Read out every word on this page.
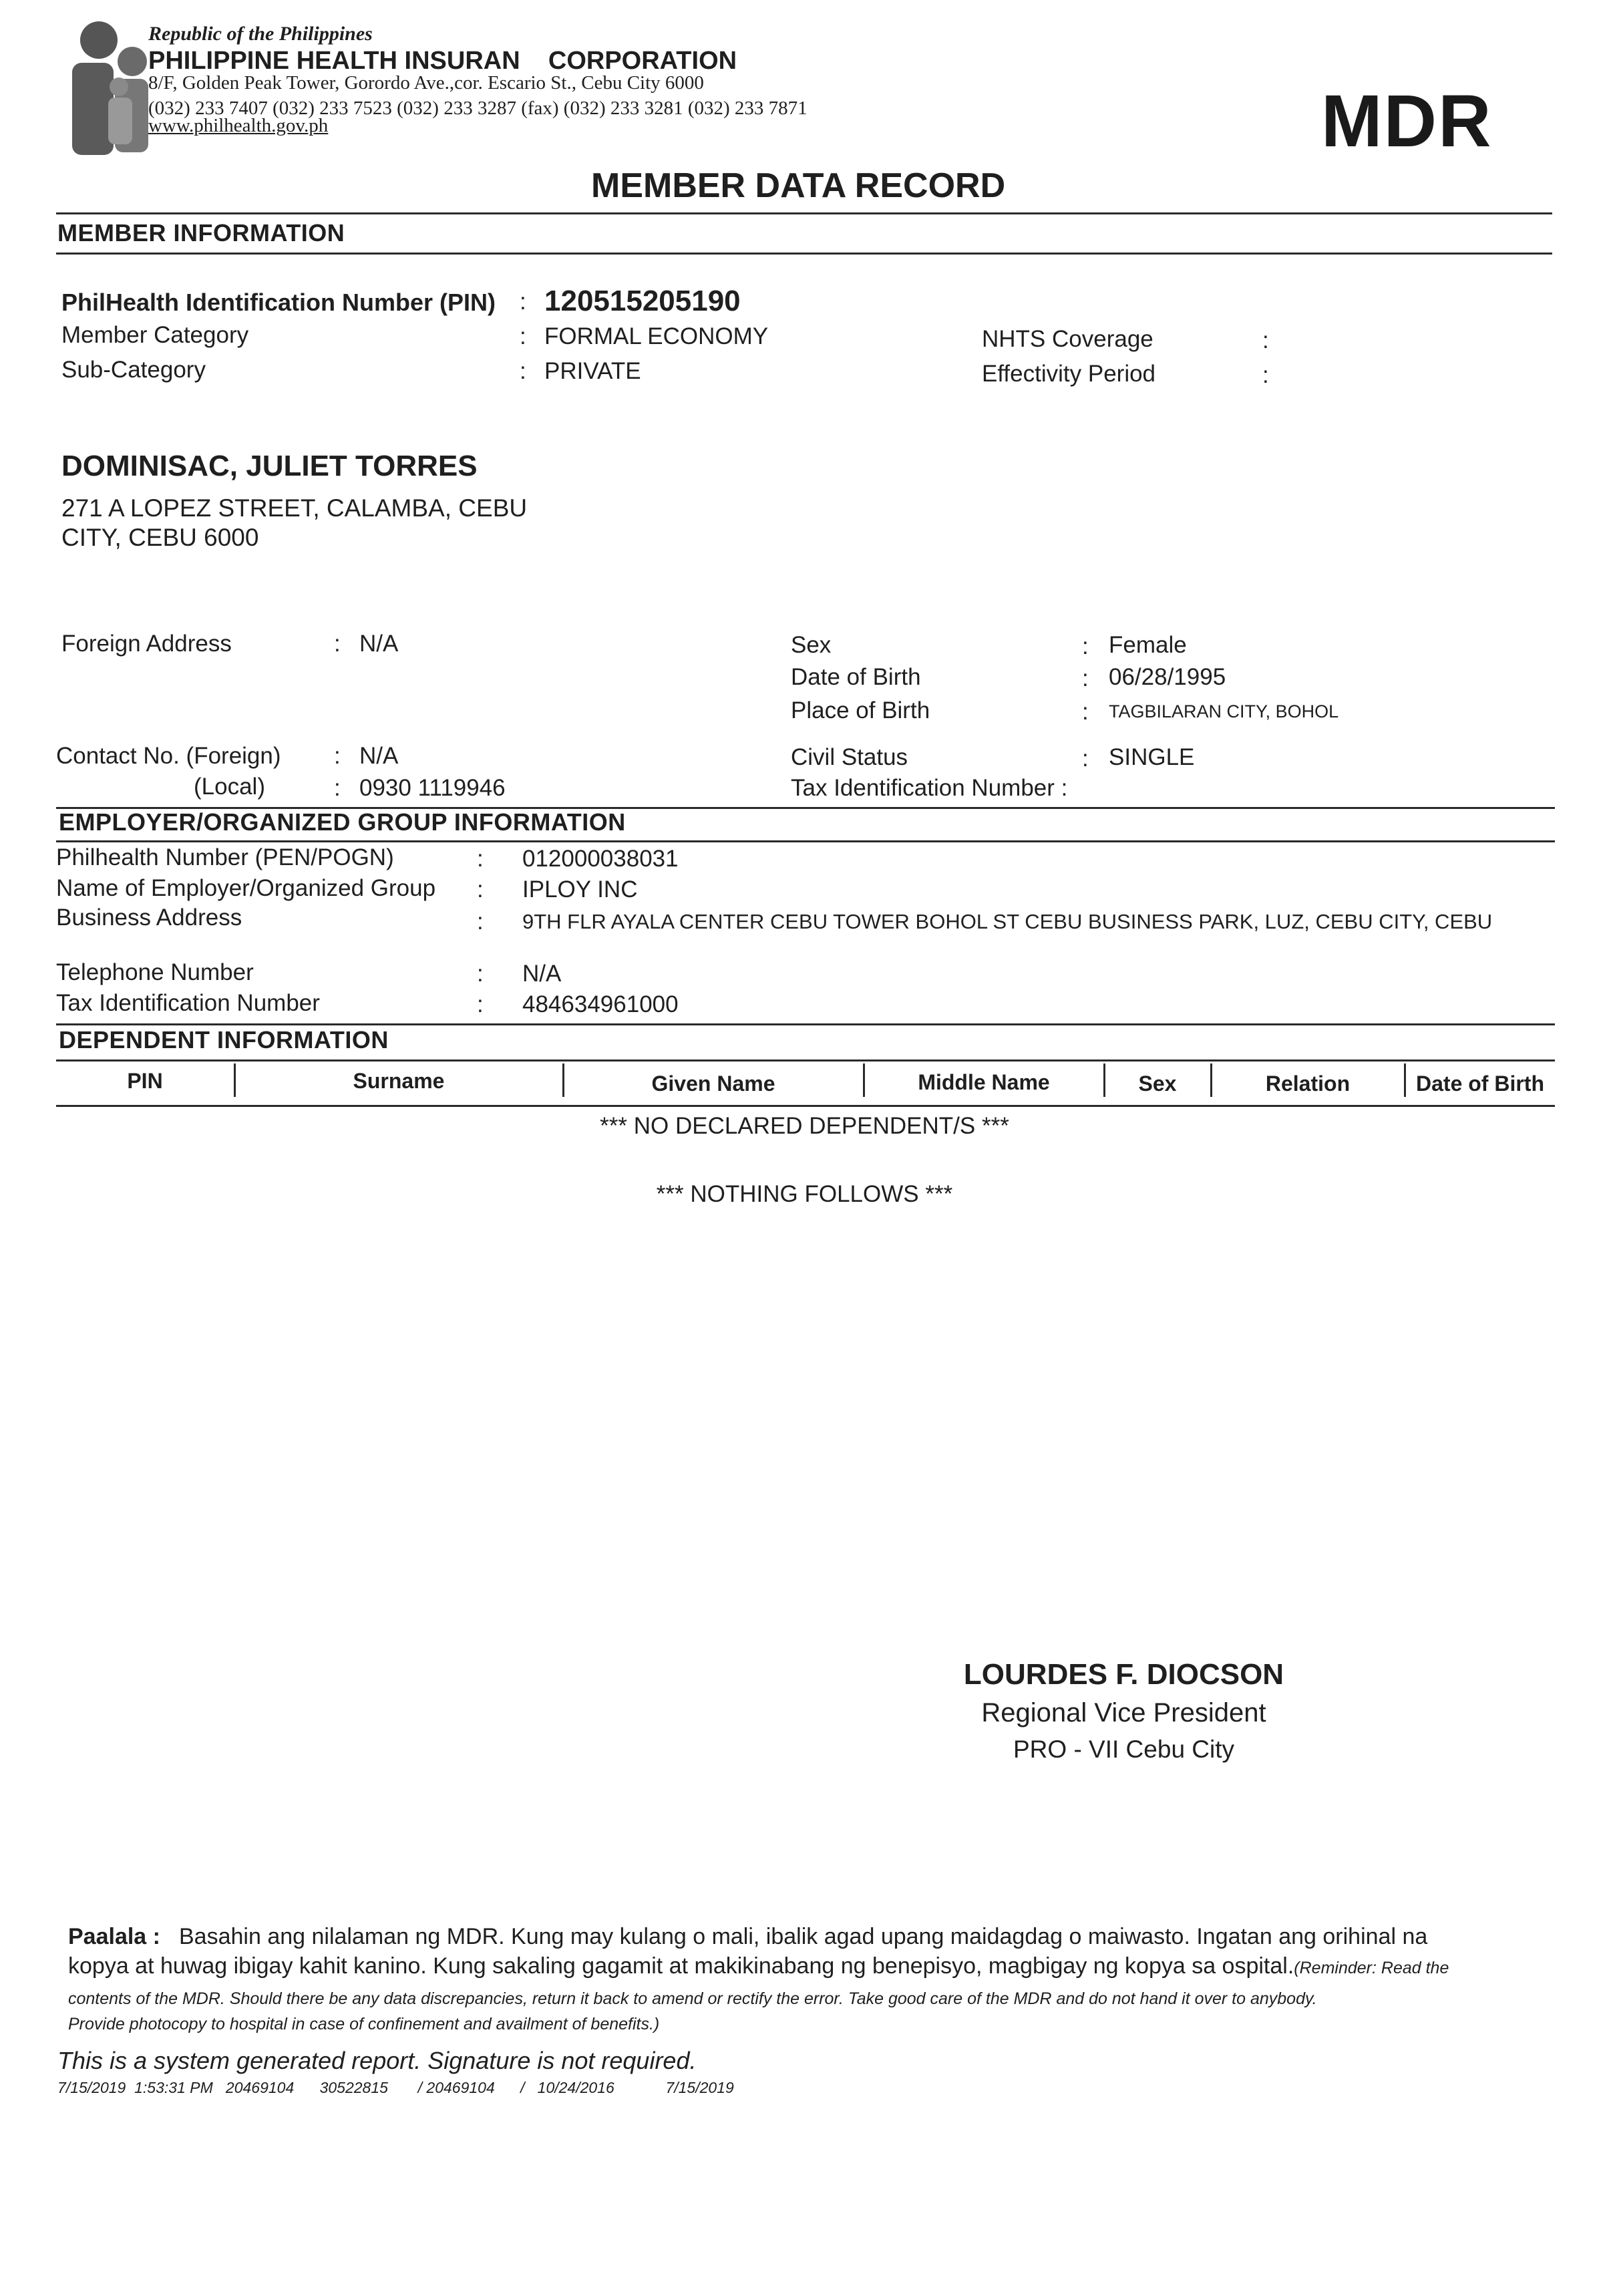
Republic of the Philippines
PHILIPPINE HEALTH INSURAN    CORPORATION
8/F, Golden Peak Tower, Gorordo Ave.,cor. Escario St., Cebu City 6000
(032) 233 7407 (032) 233 7523 (032) 233 3287 (fax) (032) 233 3281 (032) 233 7871
www.philhealth.gov.ph	MDR
MEMBER DATA RECORD
MEMBER INFORMATION
PhilHealth Identification Number (PIN) : 120515205190
Member Category	: FORMAL ECONOMY
Sub-Category	: PRIVATE
NHTS Coverage	:
Effectivity Period	:
DOMINISAC, JULIET TORRES
271 A LOPEZ STREET, CALAMBA, CEBU
CITY, CEBU 6000
Foreign Address	: N/A	Sex	: Female
Date of Birth	: 06/28/1995
Place of Birth	: TAGBILARAN CITY, BOHOL
Contact No. (Foreign) : N/A
(Local)	: 0930 1119946
Civil Status	: SINGLE
Tax Identification Number :
EMPLOYER/ORGANIZED GROUP INFORMATION
Philhealth Number (PEN/POGN)	: 012000038031
Name of Employer/Organized Group : IPLOY INC
Business Address	: 9TH FLR AYALA CENTER CEBU TOWER BOHOL ST CEBU BUSINESS PARK, LUZ, CEBU CITY, CEBU
Telephone Number	: N/A
Tax Identification Number	: 484634961000
DEPENDENT INFORMATION
PIN	Surname	Given Name	Middle Name	Sex	Relation	Date of Birth
*** NO DECLARED DEPENDENT/S ***
*** NOTHING FOLLOWS ***
LOURDES F. DIOCSON
Regional Vice President
PRO - VII Cebu City
Paalala : Basahin ang nilalaman ng MDR. Kung may kulang o mali, ibalik agad upang maidagdag o maiwasto. Ingatan ang orihinal na
kopya at huwag ibigay kahit kanino. Kung sakaling gagamit at makikinabang ng benepisyo, magbigay ng kopya sa ospital.(Reminder: Read the
contents of the MDR. Should there be any data discrepancies, return it back to amend or rectify the error. Take good care of the MDR and do not hand it over to anybody.
Provide photocopy to hospital in case of confinement and availment of benefits.)
This is a system generated report. Signature is not required.
7/15/2019  1:53:31 PM   20469104      30522815       / 20469104      /   10/24/2016            7/15/2019
